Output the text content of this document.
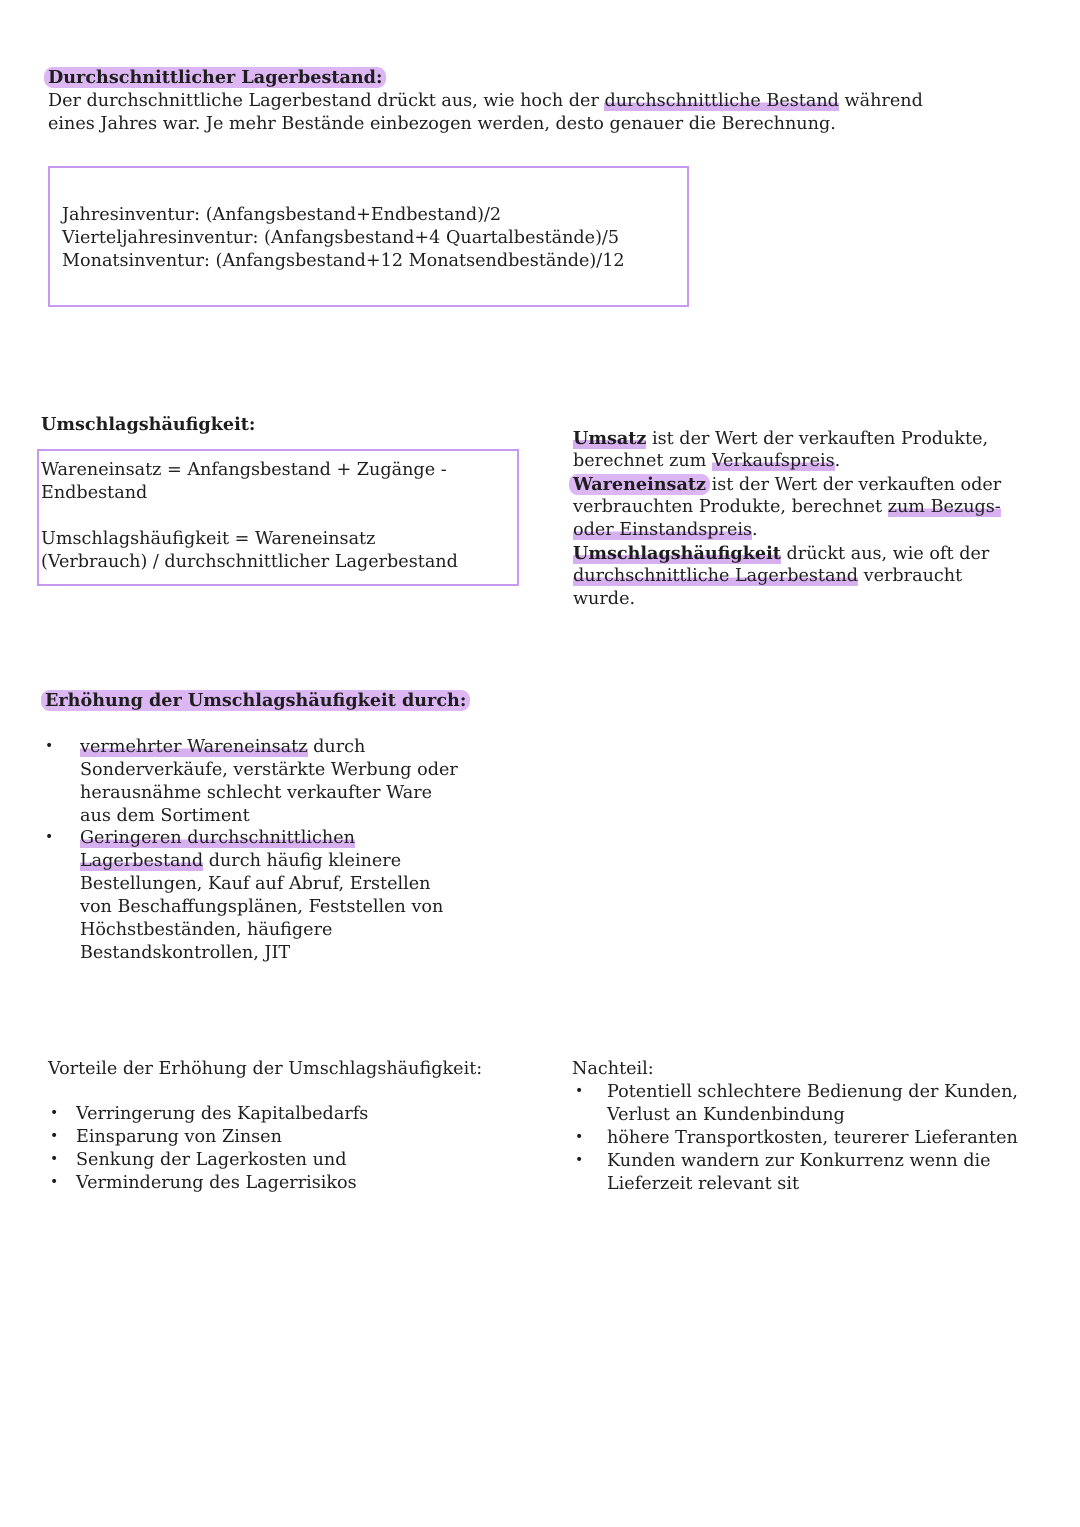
Durchschnittlicher Lagerbestand:
Der durchschnittliche Lagerbestand drückt aus, wie hoch der durchschnittliche Bestand während
eines Jahres war. Je mehr Bestände einbezogen werden, desto genauer die Berechnung.
Jahresinventur: (Anfangsbestand+Endbestand)/2
Vierteljahresinventur: (Anfangsbestand+4 Quartalbestände)/5
Monatsinventur: (Anfangsbestand+12 Monatsendbestände)/12
Umschlagshäufigkeit:
Wareneinsatz = Anfangsbestand + Zugänge -
Endbestand
Umschlagshäufigkeit = Wareneinsatz
(Verbrauch) / durchschnittlicher Lagerbestand
Umsatz ist der Wert der verkauften Produkte,
berechnet zum Verkaufspreis.
Wareneinsatz ist der Wert der verkauften oder
verbrauchten Produkte, berechnet zum Bezugs-
oder Einstandspreis.
Umschlagshäufigkeit drückt aus, wie oft der
durchschnittliche Lagerbestand verbraucht
wurde.
Erhöhung der Umschlagshäufigkeit durch:
• vermehrter Wareneinsatz durch
Sonderverkäufe, verstärkte Werbung oder
herausnähme schlecht verkaufter Ware
aus dem Sortiment
• Geringeren durchschnittlichen
Lagerbestand durch häufig kleinere
Bestellungen, Kauf auf Abruf, Erstellen
von Beschaffungsplänen, Feststellen von
Höchstbeständen, häufigere
Bestandskontrollen, JIT
Vorteile der Erhöhung der Umschlagshäufigkeit:
• Verringerung des Kapitalbedarfs
• Einsparung von Zinsen
• Senkung der Lagerkosten und
• Verminderung des Lagerrisikos
Nachteil:
• Potentiell schlechtere Bedienung der Kunden,
Verlust an Kundenbindung
• höhere Transportkosten, teurerer Lieferanten
• Kunden wandern zur Konkurrenz wenn die
Lieferzeit relevant sit
